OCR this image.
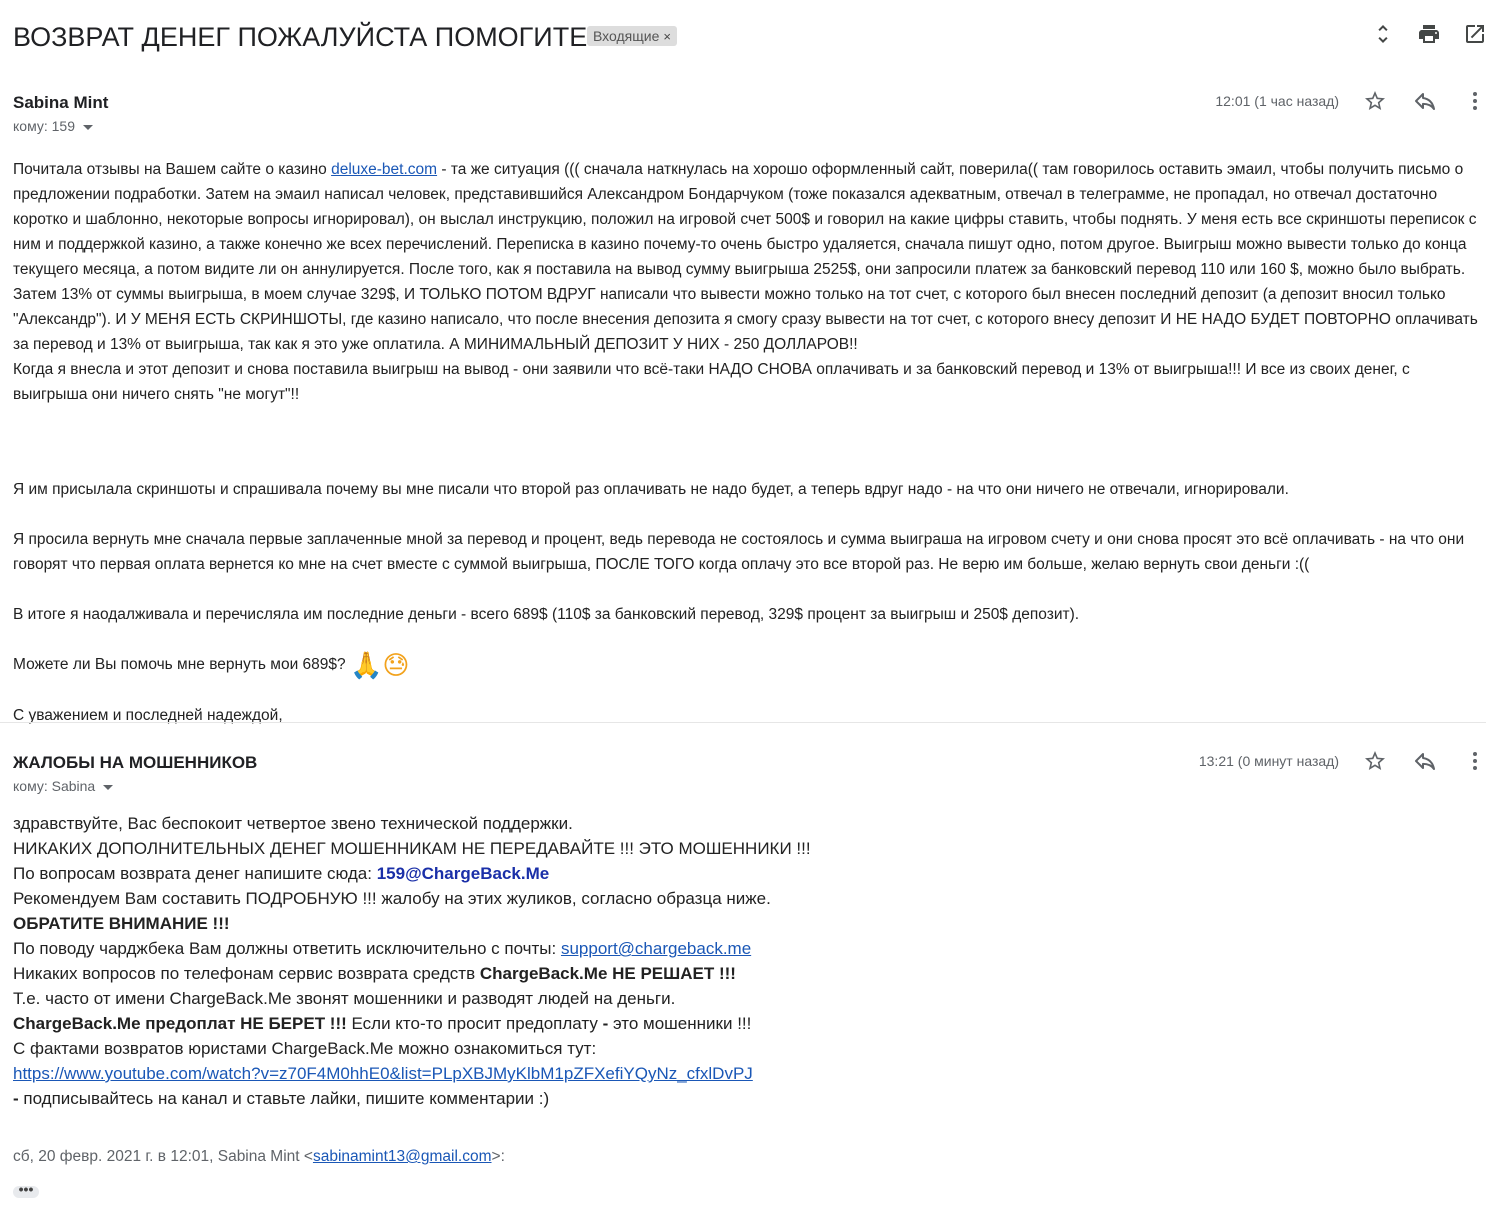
ВОЗВРАТ ДЕНЕГ ПОЖАЛУЙСТА ПОМОГИТЕ Входящие ×
Sabina Mint
кому: 159
12:01 (1 час назад)

Почитала отзывы на Вашем сайте о казино deluxe-bet.com - та же ситуация ((( сначала наткнулась на хорошо оформленный сайт, поверила(( там говорилось оставить эмаил, чтобы получить письмо о предложении подработки. Затем на эмаил написал человек, представившийся Александром Бондарчуком (тоже показался адекватным, отвечал в телеграмме, не пропадал, но отвечал достаточно коротко и шаблонно, некоторые вопросы игнорировал), он выслал инструкцию, положил на игровой счет 500$ и говорил на какие цифры ставить, чтобы поднять. У меня есть все скриншоты переписок с ним и поддержкой казино, а также конечно же всех перечислений. Переписка в казино почему-то очень быстро удаляется, сначала пишут одно, потом другое. Выигрыш можно вывести только до конца текущего месяца, а потом видите ли он аннулируется. После того, как я поставила на вывод сумму выигрыша 2525$, они запросили платеж за банковский перевод 110 или 160 $, можно было выбрать. Затем 13% от суммы выигрыша, в моем случае 329$, И ТОЛЬКО ПОТОМ ВДРУГ написали что вывести можно только на тот счет, с которого был внесен последний депозит (а депозит вносил только "Александр"). И У МЕНЯ ЕСТЬ СКРИНШОТЫ, где казино написало, что после внесения депозита я смогу сразу вывести на тот счет, с которого внесу депозит И НЕ НАДО БУДЕТ ПОВТОРНО оплачивать за перевод и 13% от выигрыша, так как я это уже оплатила. А МИНИМАЛЬНЫЙ ДЕПОЗИТ У НИХ - 250 ДОЛЛАРОВ!!

Когда я внесла и этот депозит и снова поставила выигрыш на вывод - они заявили что всё-таки НАДО СНОВА оплачивать и за банковский перевод и 13% от выигрыша!!! И все из своих денег, с выигрыша они ничего снять "не могут"!!

Я им присылала скриншоты и спрашивала почему вы мне писали что второй раз оплачивать не надо будет, а теперь вдруг надо - на что они ничего не отвечали, игнорировали.

Я просила вернуть мне сначала первые заплаченные мной за перевод и процент, ведь перевода не состоялось и сумма выиграша на игровом счету и они снова просят это всё оплачивать - на что они говорят что первая оплата вернется ко мне на счет вместе с суммой выигрыша, ПОСЛЕ ТОГО когда оплачу это все второй раз. Не верю им больше, желаю вернуть свои деньги :((

В итоге я наодалживала и перечисляла им последние деньги - всего 689$ (110$ за банковский перевод, 329$ процент за выигрыш и 250$ депозит).

Можете ли Вы помочь мне вернуть мои 689$? 🙏😓

С уважением и последней надеждой,

ЖАЛОБЫ НА МОШЕННИКОВ
кому: Sabina
13:21 (0 минут назад)

здравствуйте, Вас беспокоит четвертое звено технической поддержки.

НИКАКИХ ДОПОЛНИТЕЛЬНЫХ ДЕНЕГ МОШЕННИКАМ НЕ ПЕРЕДАВАЙТЕ !!! ЭТО МОШЕННИКИ !!!

По вопросам возврата денег напишите сюда: 159@ChargeBack.Me

Рекомендуем Вам составить ПОДРОБНУЮ !!! жалобу на этих жуликов, согласно образца ниже.

ОБРАТИТЕ ВНИМАНИЕ !!!

По поводу чарджбека Вам должны ответить исключительно с почты: support@chargeback.me

Никаких вопросов по телефонам сервис возврата средств ChargeBack.Me НЕ РЕШАЕТ !!!

Т.е. часто от имени ChargeBack.Me звонят мошенники и разводят людей на деньги.

ChargeBack.Me предоплат НЕ БЕРЕТ !!! Если кто-то просит предоплату - это мошенники !!!

С фактами возвратов юристами ChargeBack.Me можно ознакомиться тут:

https://www.youtube.com/watch?v=z70F4M0hhE0&list=PLpXBJMyKlbM1pZFXefiYQyNz_cfxlDvPJ

- подписывайтесь на канал и ставьте лайки, пишите комментарии :)

сб, 20 февр. 2021 г. в 12:01, Sabina Mint <sabinamint13@gmail.com>:
•••
